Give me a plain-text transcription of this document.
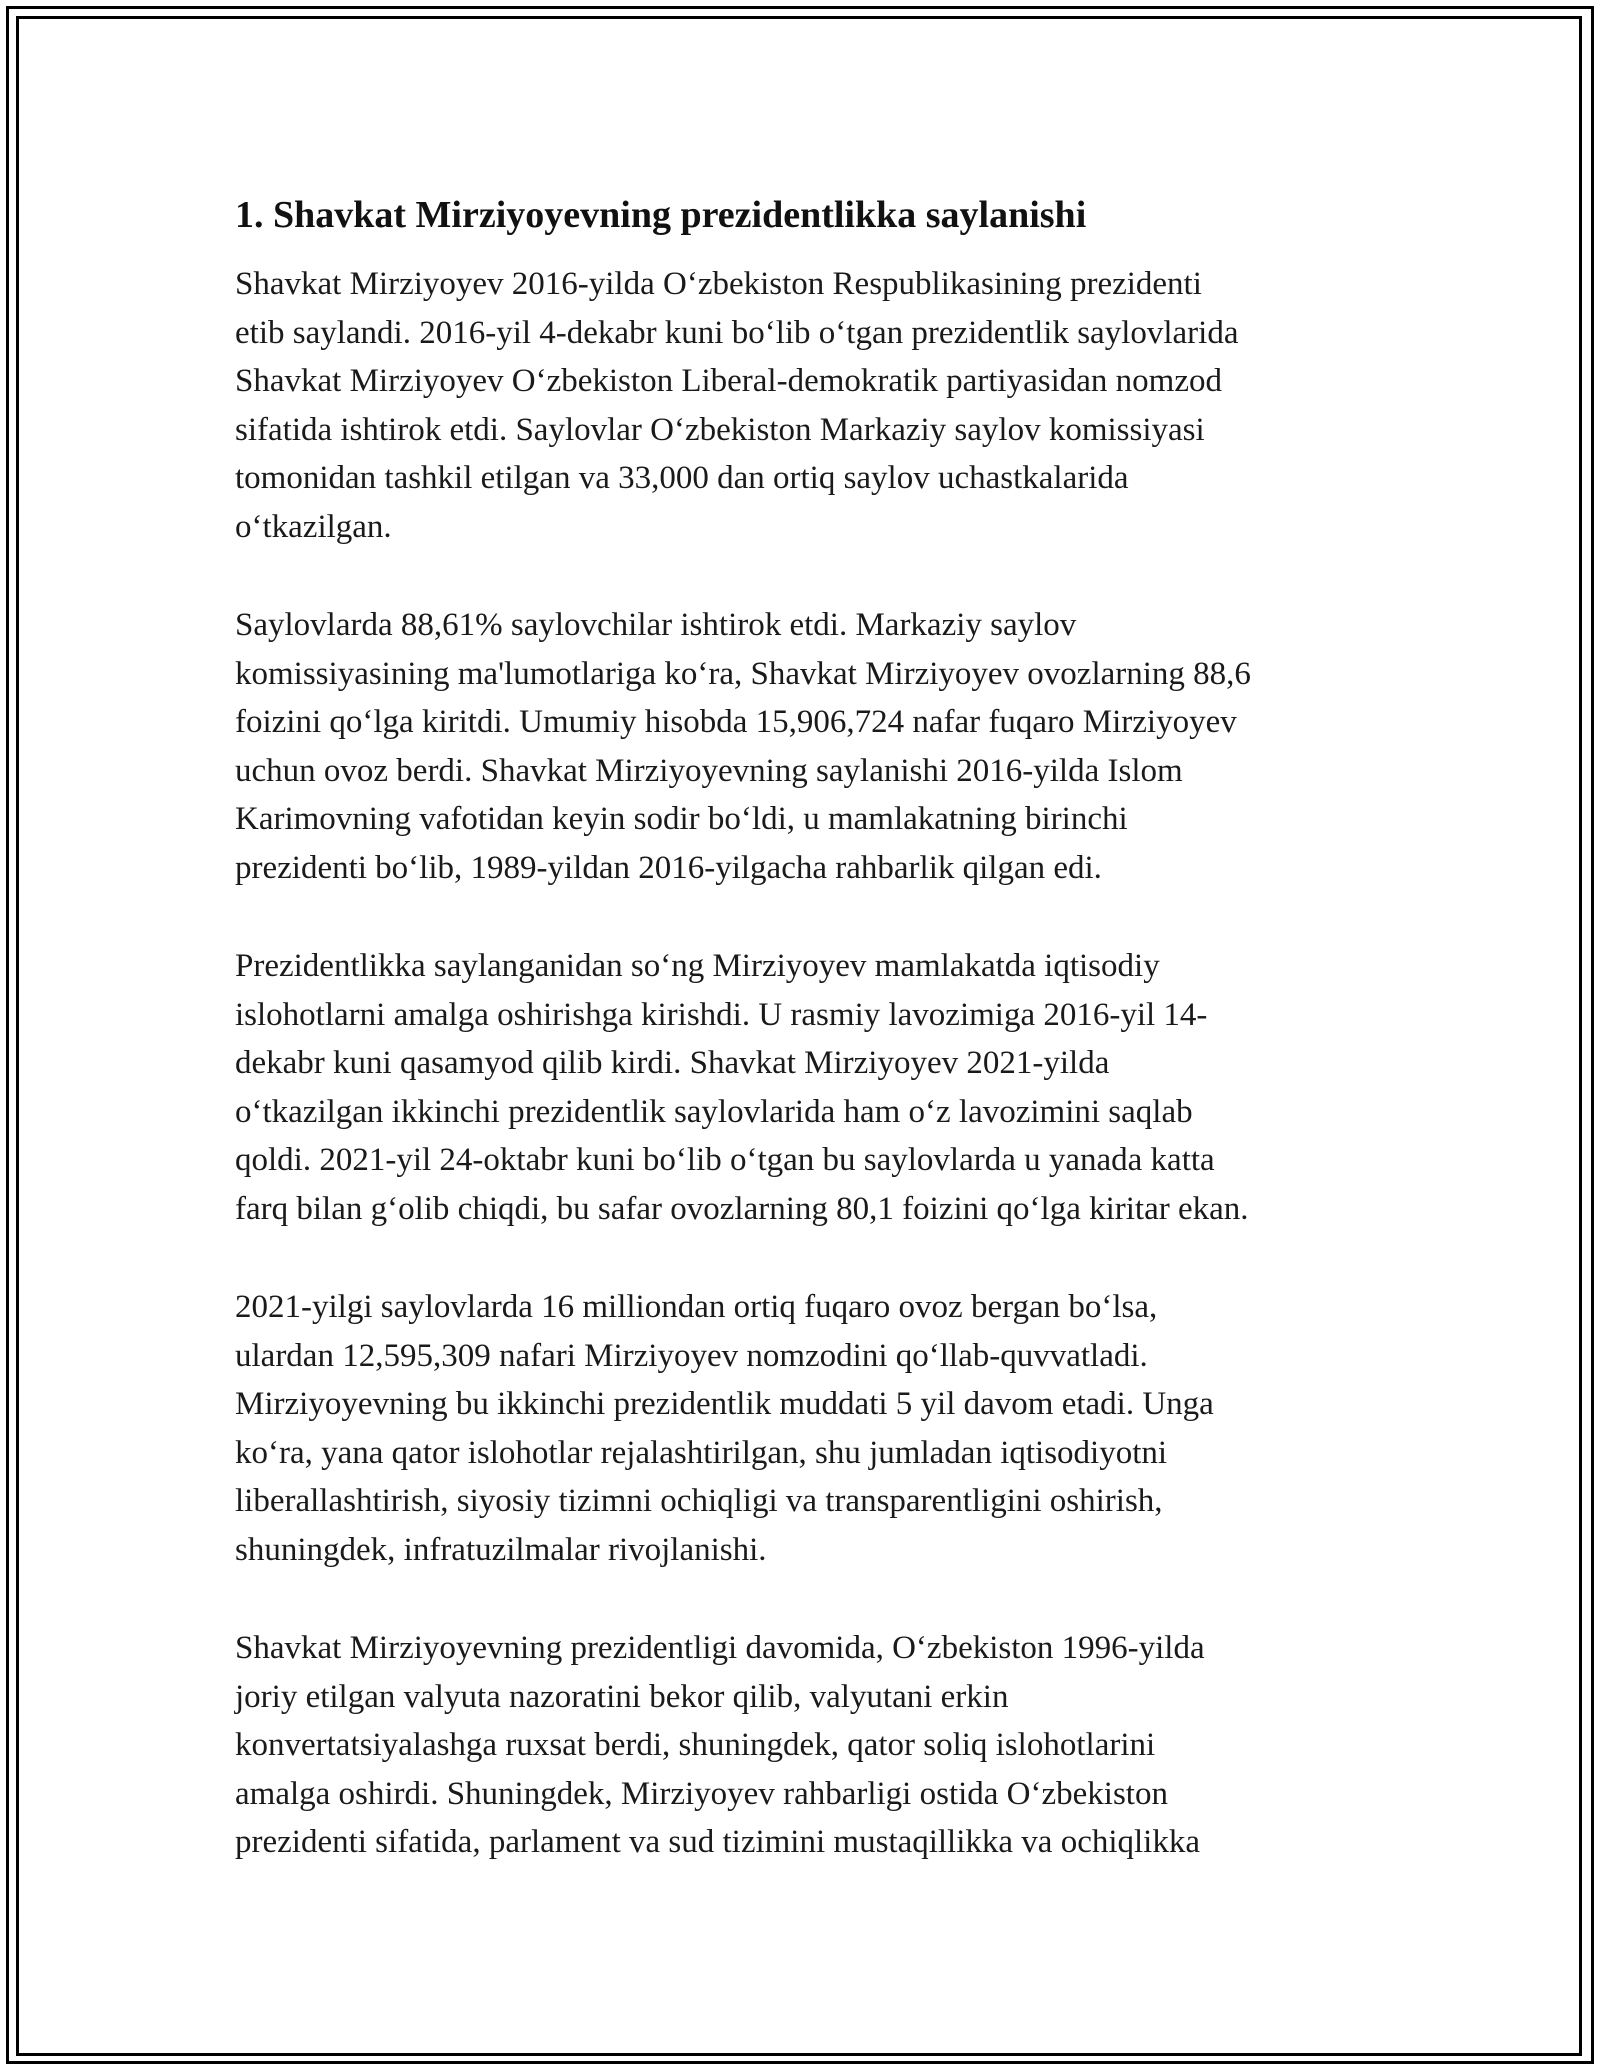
1. Shavkat Mirziyoyevning prezidentlikka saylanishi

Shavkat Mirziyoyev 2016-yilda O‘zbekiston Respublikasining prezidenti
etib saylandi. 2016-yil 4-dekabr kuni bo‘lib o‘tgan prezidentlik saylovlarida
Shavkat Mirziyoyev O‘zbekiston Liberal-demokratik partiyasidan nomzod
sifatida ishtirok etdi. Saylovlar O‘zbekiston Markaziy saylov komissiyasi
tomonidan tashkil etilgan va 33,000 dan ortiq saylov uchastkalarida
o‘tkazilgan.

Saylovlarda 88,61% saylovchilar ishtirok etdi. Markaziy saylov
komissiyasining ma'lumotlariga ko‘ra, Shavkat Mirziyoyev ovozlarning 88,6
foizini qo‘lga kiritdi. Umumiy hisobda 15,906,724 nafar fuqaro Mirziyoyev
uchun ovoz berdi. Shavkat Mirziyoyevning saylanishi 2016-yilda Islom
Karimovning vafotidan keyin sodir bo‘ldi, u mamlakatning birinchi
prezidenti bo‘lib, 1989-yildan 2016-yilgacha rahbarlik qilgan edi.

Prezidentlikka saylanganidan so‘ng Mirziyoyev mamlakatda iqtisodiy
islohotlarni amalga oshirishga kirishdi. U rasmiy lavozimiga 2016-yil 14-
dekabr kuni qasamyod qilib kirdi. Shavkat Mirziyoyev 2021-yilda
o‘tkazilgan ikkinchi prezidentlik saylovlarida ham o‘z lavozimini saqlab
qoldi. 2021-yil 24-oktabr kuni bo‘lib o‘tgan bu saylovlarda u yanada katta
farq bilan g‘olib chiqdi, bu safar ovozlarning 80,1 foizini qo‘lga kiritar ekan.

2021-yilgi saylovlarda 16 milliondan ortiq fuqaro ovoz bergan bo‘lsa,
ulardan 12,595,309 nafari Mirziyoyev nomzodini qo‘llab-quvvatladi.
Mirziyoyevning bu ikkinchi prezidentlik muddati 5 yil davom etadi. Unga
ko‘ra, yana qator islohotlar rejalashtirilgan, shu jumladan iqtisodiyotni
liberallashtirish, siyosiy tizimni ochiqligi va transparentligini oshirish,
shuningdek, infratuzilmalar rivojlanishi.

Shavkat Mirziyoyevning prezidentligi davomida, O‘zbekiston 1996-yilda
joriy etilgan valyuta nazoratini bekor qilib, valyutani erkin
konvertatsiyalashga ruxsat berdi, shuningdek, qator soliq islohotlarini
amalga oshirdi. Shuningdek, Mirziyoyev rahbarligi ostida O‘zbekiston
prezidenti sifatida, parlament va sud tizimini mustaqillikka va ochiqlikka
